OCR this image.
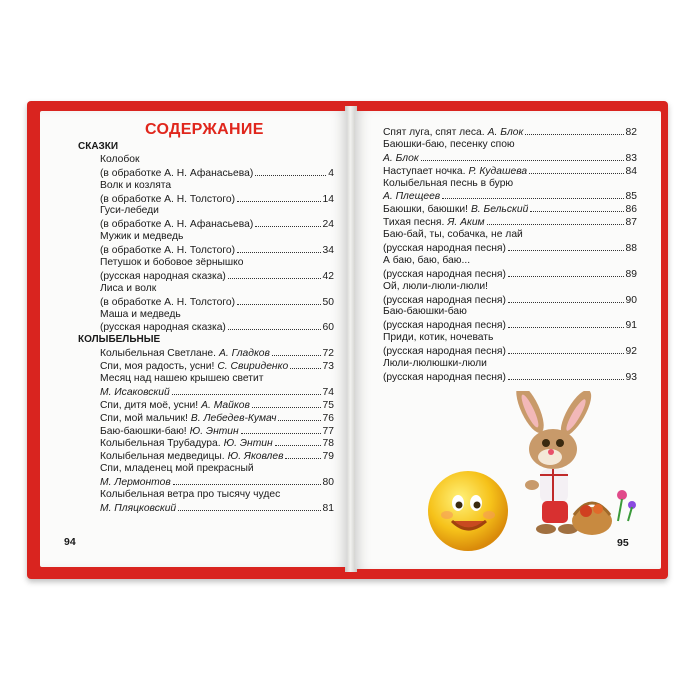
СОДЕРЖАНИЕ
СКАЗКИ
Колобок
(в обработке А. Н. Афанасьева)	4
Волк и козлята
(в обработке А. Н. Толстого)	14
Гуси-лебеди
(в обработке А. Н. Афанасьева)	24
Мужик и медведь
(в обработке А. Н. Толстого)	34
Петушок и бобовое зёрнышко
(русская народная сказка)	42
Лиса и волк
(в обработке А. Н. Толстого)	50
Маша и медведь
(русская народная сказка)	60
КОЛЫБЕЛЬНЫЕ
Колыбельная Светлане. А. Гладков	72
Спи, моя радость, усни! С. Свириденко	73
Месяц над нашею крышею светит
М. Исаковский	74
Спи, дитя моё, усни! А. Майков	75
Спи, мой мальчик! В. Лебедев-Кумач	76
Баю-баюшки-баю! Ю. Энтин	77
Колыбельная Трубадура. Ю. Энтин	78
Колыбельная медведицы. Ю. Яковлев	79
Спи, младенец мой прекрасный
М. Лермонтов	80
Колыбельная ветра про тысячу чудес
М. Пляцковский	81
94
Спят луга, спят леса. А. Блок	82
Баюшки-баю, песенку спою
А. Блок	83
Наступает ночка. Р. Кудашева	84
Колыбельная песнь в бурю
А. Плещеев	85
Баюшки, баюшки! В. Бельский	86
Тихая песня. Я. Аким	87
Баю-бай, ты, собачка, не лай
(русская народная песня)	88
А баю, баю, баю...
(русская народная песня)	89
Ой, люли-люли-люли!
(русская народная песня)	90
Баю-баюшки-баю
(русская народная песня)	91
Приди, котик, ночевать
(русская народная песня)	92
Люли-люлюшки-люли
(русская народная песня)	93
95
